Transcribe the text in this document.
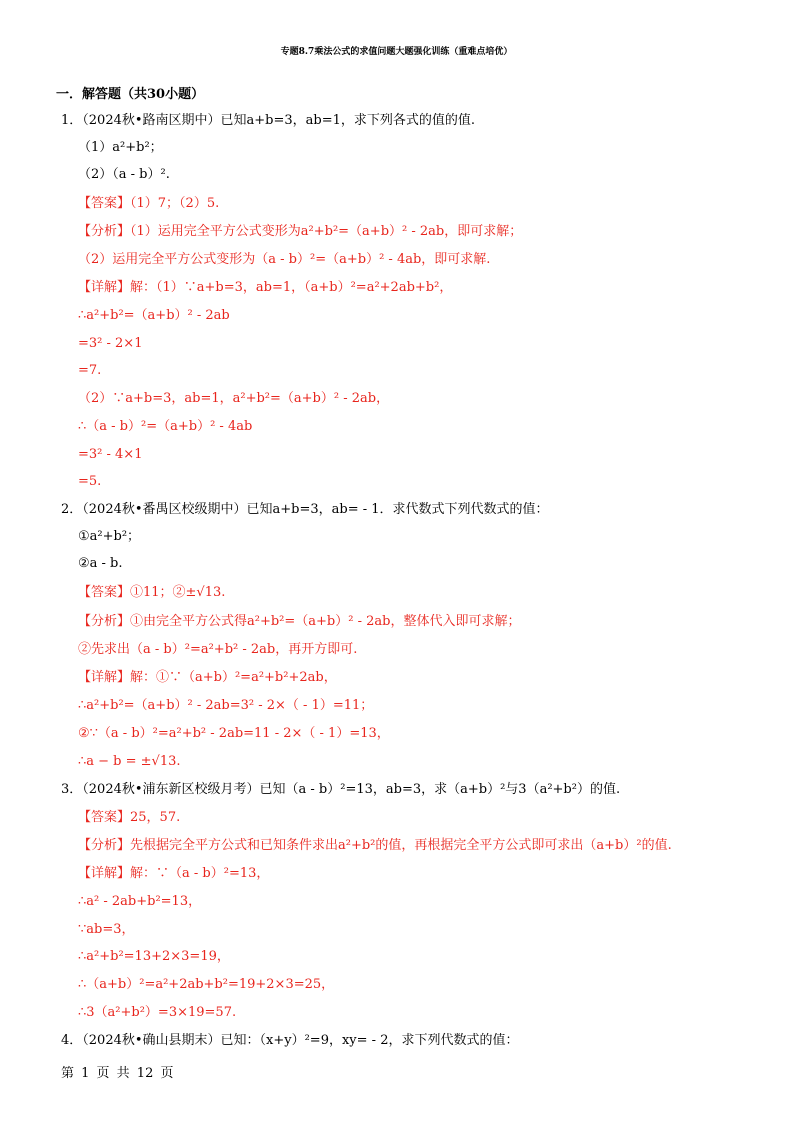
专题8.7乘法公式的求值问题大题强化训练（重难点培优）
一．解答题（共30小题）
1．（2024秋•路南区期中）已知a+b=3，ab=1，求下列各式的值的值.
（1）a²+b²；
（2）（a - b）².
【答案】（1）7；（2）5.
【分析】（1）运用完全平方公式变形为a²+b²=（a+b）² - 2ab，即可求解；
（2）运用完全平方公式变形为（a - b）²=（a+b）² - 4ab，即可求解.
【详解】解：（1）∵a+b=3，ab=1，（a+b）²=a²+2ab+b²，
∴a²+b²=（a+b）² - 2ab
=3² - 2×1
=7.
（2）∵a+b=3，ab=1，a²+b²=（a+b）² - 2ab，
∴（a - b）²=（a+b）² - 4ab
=3² - 4×1
=5.
2．（2024秋•番禺区校级期中）已知a+b=3，ab= - 1．求代数式下列代数式的值：
①a²+b²；
②a - b.
【答案】①11；②±√13.
【分析】①由完全平方公式得a²+b²=（a+b）² - 2ab，整体代入即可求解；
②先求出（a - b）²=a²+b² - 2ab，再开方即可.
【详解】解：①∵（a+b）²=a²+b²+2ab，
∴a²+b²=（a+b）² - 2ab=3² - 2×（ - 1）=11；
②∵（a - b）²=a²+b² - 2ab=11 - 2×（ - 1）=13，
∴a − b = ±√13.
3．（2024秋•浦东新区校级月考）已知（a - b）²=13，ab=3，求（a+b）²与3（a²+b²）的值.
【答案】25，57.
【分析】先根据完全平方公式和已知条件求出a²+b²的值，再根据完全平方公式即可求出（a+b）²的值.
【详解】解：∵（a - b）²=13，
∴a² - 2ab+b²=13，
∵ab=3，
∴a²+b²=13+2×3=19，
∴（a+b）²=a²+2ab+b²=19+2×3=25，
∴3（a²+b²）=3×19=57.
4．（2024秋•确山县期末）已知：（x+y）²=9，xy= - 2，求下列代数式的值：
第 1 页 共 12 页
